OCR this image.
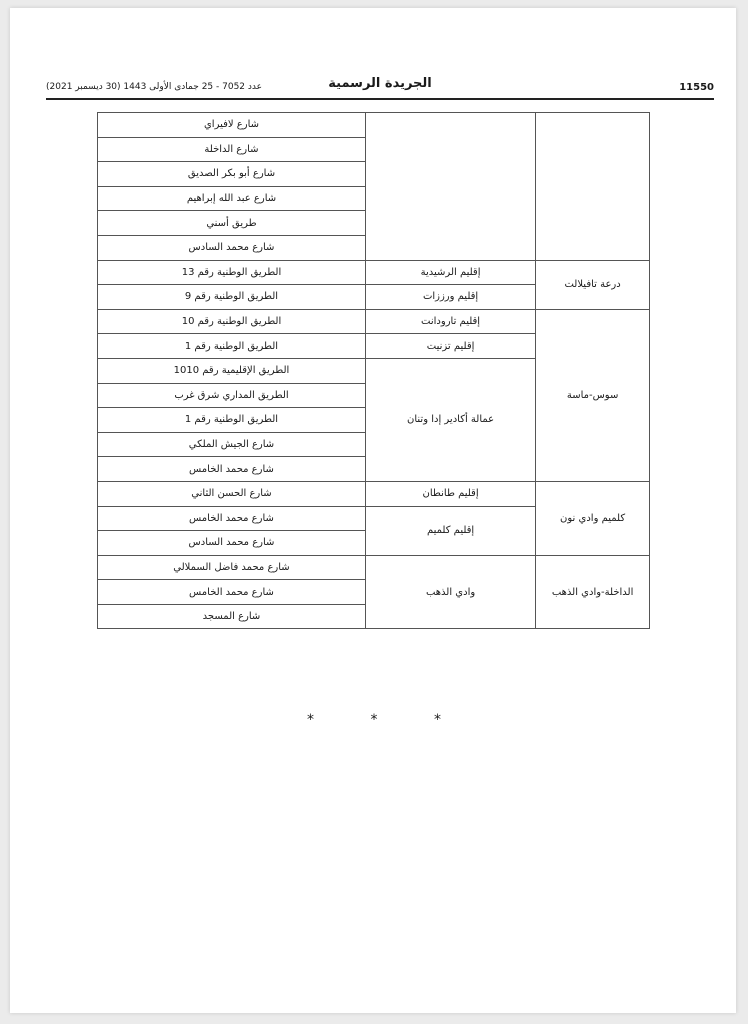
عدد 7052 - 25 جمادى الأولى 1443 (30 ديسمبر 2021)	الجريدة الرسمية	11550
		شارع لافيراي
		شارع الداخلة
		شارع أبو بكر الصديق
		شارع عبد الله إبراهيم
		طريق أسني
		شارع محمد السادس
درعة تافيلالت	إقليم الرشيدية	الطريق الوطنية رقم 13
	إقليم ورززات	الطريق الوطنية رقم 9
سوس-ماسة	إقليم تارودانت	الطريق الوطنية رقم 10
	إقليم تزنيت	الطريق الوطنية رقم 1
	عمالة أكادير إدا وتنان	الطريق الإقليمية رقم 1010
		الطريق المداري شرق غرب
		الطريق الوطنية رقم 1
		شارع الجيش الملكي
		شارع محمد الخامس
كلميم وادي نون	إقليم طانطان	شارع الحسن الثاني
	إقليم كلميم	شارع محمد الخامس
		شارع محمد السادس
الداخلة-وادي الذهب	وادي الذهب	شارع محمد فاضل السملالي
		شارع محمد الخامس
		شارع المسجد
* * *
